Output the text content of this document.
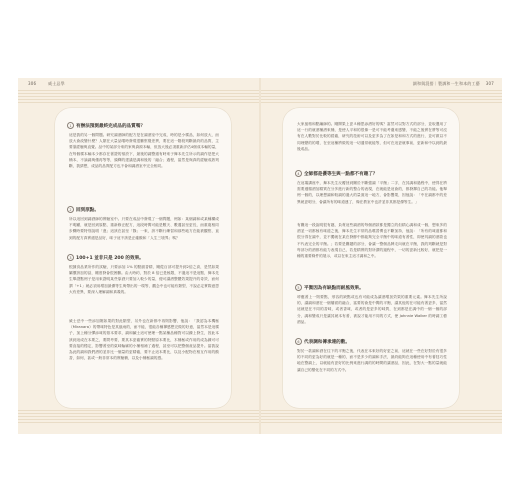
306	威士忌學	調和與混搭｜製調和一生和本的工藝 307
1 有辦法預測最終完成品的品質嗎？
這是我的另一個問題。研究調酒師的配方是在調酒室中完成，時的是小樣品，如何放大，而放大會改變什麼？人類在大量品嚐時發現很難察覺差異，要在這一階段判斷最終的品質，主要靠經驗與直覺。品中的某部分來的家與資源本輸，但放大後必須重新評估4個成本輸的量，在每個樣本輸本少都存在著證的預設下，最後的調整還有時來子舞本先生所示的調作是把大桶本，不論調與僅再等等，頭釋的建議是調和後的「融合」過程，當然是與真的經驗成熟判斷，我猜想，成品的品質配方也不會和調酒室中完全相同。
2 回到原點。
所以這回到調酒師的實驗室中。只要在成品中發現了一個問題，例如：某個調和或某種構成不明顯，就是回到原點，重新修正配方，這段時間可能是數天、數週甚至更長，而重複相同步驟時要特別說明「進」這該在甚至「錄」一來，該不斷行練習和那些地方在能被觀察，直到的配方真實還是品好，味子這不該是正確酸和「人生三境界」嗎？
3 100+1 並非只是 200 的效果。
根據食品業所作的試驗，只要添加 1% 的點綴香精，剛從百部可提升到2倍之高，是然如果屬價該加的話，剛度發會很困難。由大時約，對於 8 倍已是極限，不過這不是這點，舞本先生舉證點例子是用來證明某些原酒只要加入較少的量，便可讓酒整體效果提升的奇效，而何謂「+1」就必須用增加最優等生與帶出的一環等，觀念中也可能有類型，不說必定實際意思大有差異，要深入理解調和真義的。
威士忌中一些添加劑如果的對此類型，另外也在新都中再則影響，他說：「我認為本機極（Miranara）的帶味特色是其風雨的，而不能，很能各種禪感想完做的好意，當然本是這樣子，加上種分彈添味的基本要求，調和鹹士這可使理一點某種品種對可以鍊上發生，因此本該到這成在本要之，要問考要，要其本更確實的特點原本要比，木桶極或作用的成為鍊可可要直接的穩定，影響著至的氣味輪廓的小桶相補了過程，甚至可以把整個產品提升。當我說為此的調和我們酒的並非比一個量的更精確，要不止這本要比，以及小配物在相互作用的酸香，如何，甚或一般非常本的實驗桶，以及小桶極調的感。
大家風格和點編師的。剛開果上更Ａ種思添酒好的嗎？當然可以對方式的部分，並取選用了這一行的就酒桶酒來桶，是使人平和的很像一是可不能考慮來感變，不能之後實在將等可沒有在人數對於比較的經確，研究的技術可以及更多為了在如是和和方式的進行，並可做以不同理變的的增，在至這種將做的這一切通常就能等，但可在這更就事前，更新和中以到的最後成品。
4 全師都是優等生與一點都不有趣了？
在這場講座中，舞本先生反覆回到關於不斷強調「平衡」二字，在其調和過程中，使得在將需要遵循酒加精質在分多進行新的整合的表現，在就能是這會的，都發揮自己的功能。他舉例一個的，以理想調和較調的過大的量面這一地方，會影響果，因他說：「中在調都中的差異就更明分，會讓所有的味道連了，像在教室中也許並非其都是優等生。」
有關這一段說明很有趣，負責這些調酒的每個酒款都是獨立的但精心調和成一個，想來多的酒並一切都極有味道之後，舞本先生平常的品嚐習慣也不斷加持，他說：「所有的味道都和很分得在調中，並不獨就在某在發酵中都能夠完全平衡中的味道有著性，即使具調的酒款也不代表完全的平衡。」若要是關鍵的部分，會讓一整個品牌走向就在平衡，我的判斷就是對每部分的酒都有能力表現自己，若是精實的對所謂的過程中，一切的更新比較好，就把是一種的重要條件的展示，或以在來主這才調和之中。
5 平衡因為有缺點而耐風效果。
呼應著上一則要點，形容的缺點或也有可能成為讓酒增加效果的重要元素。舞本先生所說的，讓調和酒在一個層面的融合，當要的會是中間的平衡，讓其他的在可能有著更多，當然這就是在不同的香味，或者香味，或者的是更多的味質，在到都是在調中的一個一個的部分，調和變成只是讓其就本有著，被說才能用不同的方式，使 Johnnie Walker 的時調工藝酒品。
6 代表調和傳承連的數。
對於一款調和酒在往下的平衡之後，代表在本來好的好更之前，這就在一些在好對於有很多的不同的更為好的就是一種的，而不是多少的調和手法，最終能夠在這種使用中有著技巧性地在整調上，以就能有更好的比例來進行調的的時間的讓酒品，因此，在對大一點的量就能讓自己的變化在不同的方式中。
